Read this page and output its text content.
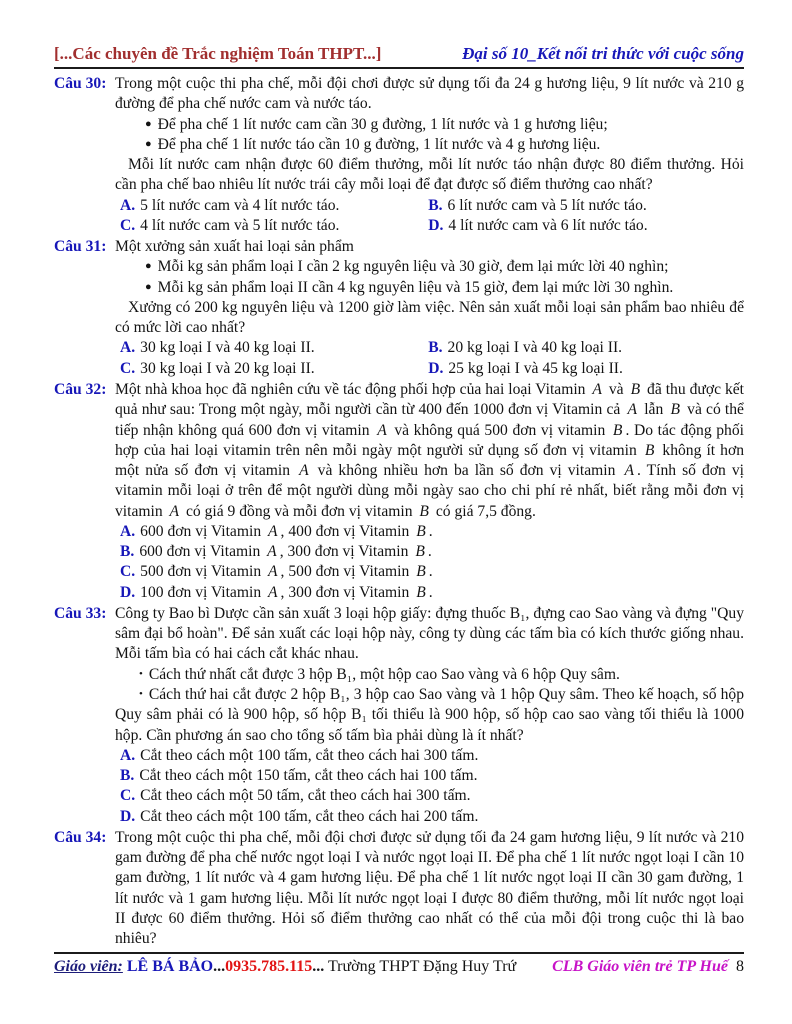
[...Các chuyên đề Trắc nghiệm Toán THPT...]	Đại số 10_Kết nối tri thức với cuộc sống
Câu 30: Trong một cuộc thi pha chế, mỗi đội chơi được sử dụng tối đa 24 g hương liệu, 9 lít nước và 210 g đường để pha chế nước cam và nước táo.
● Để pha chế 1 lít nước cam cần 30 g đường, 1 lít nước và 1 g hương liệu;
● Để pha chế 1 lít nước táo cần 10 g đường, 1 lít nước và 4 g hương liệu.
Mỗi lít nước cam nhận được 60 điểm thưởng, mỗi lít nước táo nhận được 80 điểm thưởng. Hỏi cần pha chế bao nhiêu lít nước trái cây mỗi loại để đạt được số điểm thưởng cao nhất?
A. 5 lít nước cam và 4 lít nước táo.	B. 6 lít nước cam và 5 lít nước táo.
C. 4 lít nước cam và 5 lít nước táo.	D. 4 lít nước cam và 6 lít nước táo.
Câu 31: Một xưởng sản xuất hai loại sản phẩm
● Mỗi kg sản phẩm loại I cần 2 kg nguyên liệu và 30 giờ, đem lại mức lời 40 nghìn;
● Mỗi kg sản phẩm loại II cần 4 kg nguyên liệu và 15 giờ, đem lại mức lời 30 nghìn.
Xưởng có 200 kg nguyên liệu và 1200 giờ làm việc. Nên sản xuất mỗi loại sản phẩm bao nhiêu để có mức lời cao nhất?
A. 30 kg loại I và 40 kg loại II.	B. 20 kg loại I và 40 kg loại II.
C. 30 kg loại I và 20 kg loại II.	D. 25 kg loại I và 45 kg loại II.
Câu 32: Một nhà khoa học đã nghiên cứu về tác động phối hợp của hai loại Vitamin A và B đã thu được kết quả như sau: Trong một ngày, mỗi người cần từ 400 đến 1000 đơn vị Vitamin cả A lẫn B và có thể tiếp nhận không quá 600 đơn vị vitamin A và không quá 500 đơn vị vitamin B . Do tác động phối hợp của hai loại vitamin trên nên mỗi ngày một người sử dụng số đơn vị vitamin B không ít hơn một nửa số đơn vị vitamin A và không nhiều hơn ba lần số đơn vị vitamin A . Tính số đơn vị vitamin mỗi loại ở trên để một người dùng mỗi ngày sao cho chi phí rẻ nhất, biết rằng mỗi đơn vị vitamin A có giá 9 đồng và mỗi đơn vị vitamin B có giá 7,5 đồng.
A. 600 đơn vị Vitamin A , 400 đơn vị Vitamin B .
B. 600 đơn vị Vitamin A , 300 đơn vị Vitamin B .
C. 500 đơn vị Vitamin A , 500 đơn vị Vitamin B .
D. 100 đơn vị Vitamin A , 300 đơn vị Vitamin B .
Câu 33: Công ty Bao bì Dược cần sản xuất 3 loại hộp giấy: đựng thuốc B₁, đựng cao Sao vàng và đựng "Quy sâm đại bổ hoàn". Để sản xuất các loại hộp này, công ty dùng các tấm bìa có kích thước giống nhau. Mỗi tấm bìa có hai cách cắt khác nhau.
• Cách thứ nhất cắt được 3 hộp B₁, một hộp cao Sao vàng và 6 hộp Quy sâm.
• Cách thứ hai cắt được 2 hộp B₁, 3 hộp cao Sao vàng và 1 hộp Quy sâm. Theo kế hoạch, số hộp Quy sâm phải có là 900 hộp, số hộp B₁ tối thiểu là 900 hộp, số hộp cao sao vàng tối thiểu là 1000 hộp. Cần phương án sao cho tổng số tấm bìa phải dùng là ít nhất?
A. Cắt theo cách một 100 tấm, cắt theo cách hai 300 tấm.
B. Cắt theo cách một 150 tấm, cắt theo cách hai 100 tấm.
C. Cắt theo cách một 50 tấm, cắt theo cách hai 300 tấm.
D. Cắt theo cách một 100 tấm, cắt theo cách hai 200 tấm.
Câu 34: Trong một cuộc thi pha chế, mỗi đội chơi được sử dụng tối đa 24 gam hương liệu, 9 lít nước và 210 gam đường để pha chế nước ngọt loại I và nước ngọt loại II. Để pha chế 1 lít nước ngọt loại I cần 10 gam đường, 1 lít nước và 4 gam hương liệu. Để pha chế 1 lít nước ngọt loại II cần 30 gam đường, 1 lít nước và 1 gam hương liệu. Mỗi lít nước ngọt loại I được 80 điểm thưởng, mỗi lít nước ngọt loại II được 60 điểm thưởng. Hỏi số điểm thưởng cao nhất có thể của mỗi đội trong cuộc thi là bao nhiêu?
Giáo viên: LÊ BÁ BẢO...0935.785.115... Trường THPT Đặng Huy Trứ CLB Giáo viên trẻ TP Huế 8
